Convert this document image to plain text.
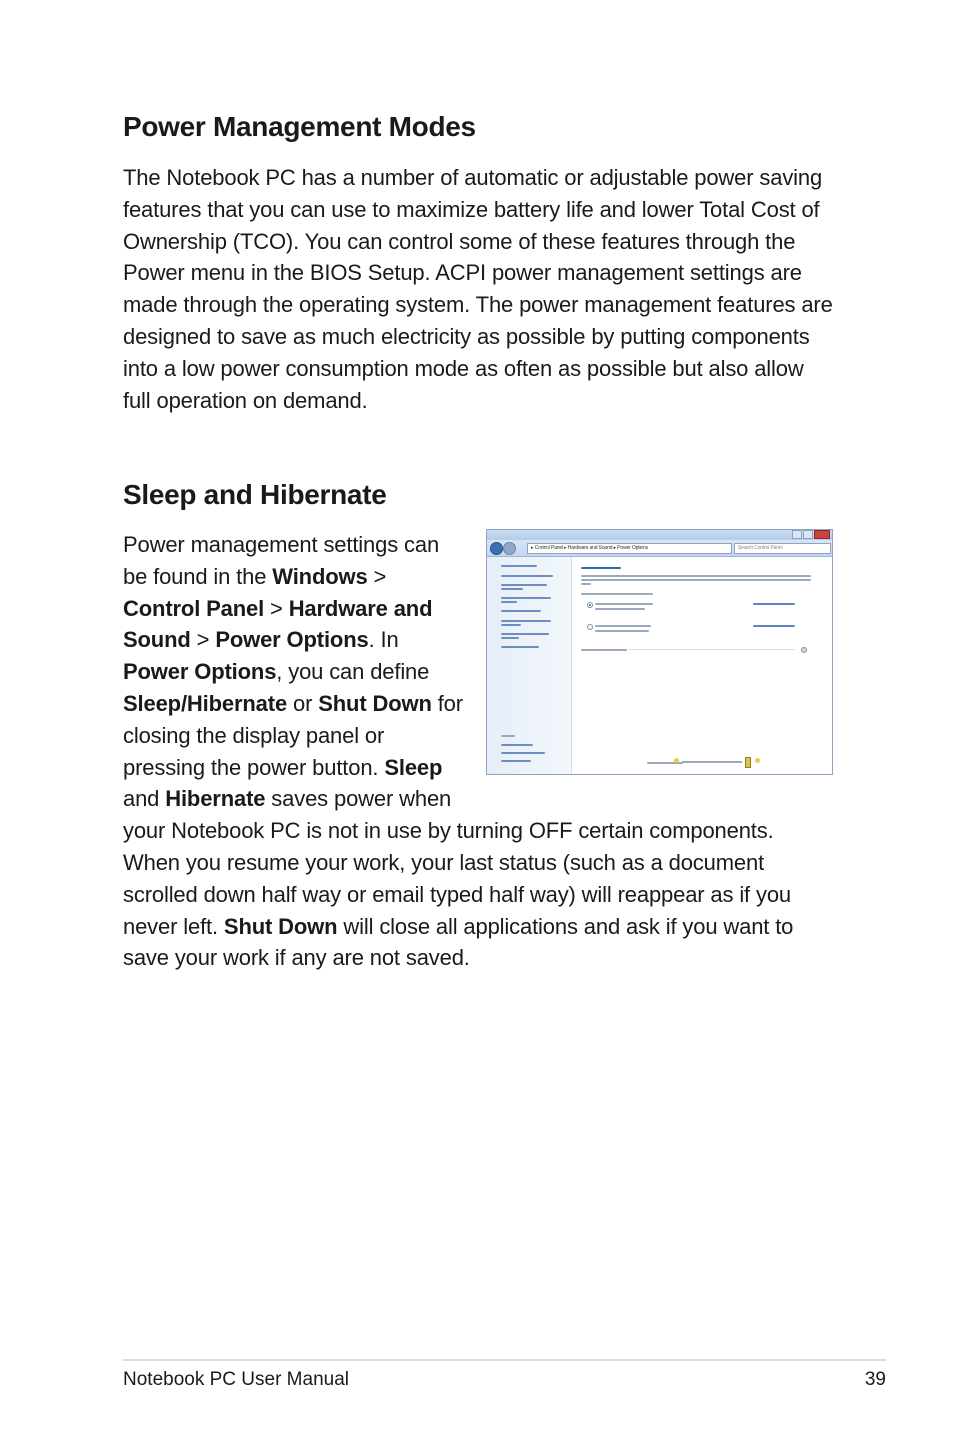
Power Management Modes

The Notebook PC has a number of automatic or adjustable power saving features that you can use to maximize battery life and lower Total Cost of Ownership (TCO). You can control some of these features through the Power menu in the BIOS Setup. ACPI power management settings are made through the operating system. The power management features are designed to save as much electricity as possible by putting components into a low power consumption mode as often as possible but also allow full operation on demand.

Sleep and Hibernate
▸ Control Panel ▸ Hardware and Sound ▸ Power Options	Search Control Panel
Power management settings can be found in the Windows > Control Panel > Hardware and Sound > Power Options. In Power Options, you can define Sleep/Hibernate or Shut Down for closing the display panel or pressing the power button. Sleep and Hibernate saves power when your Notebook PC is not in use by turning OFF certain components. When you resume your work, your last status (such as a document scrolled down half way or email typed half way) will reappear as if you never left. Shut Down will close all applications and ask if you want to save your work if any are not saved.
Notebook PC User Manual	39
